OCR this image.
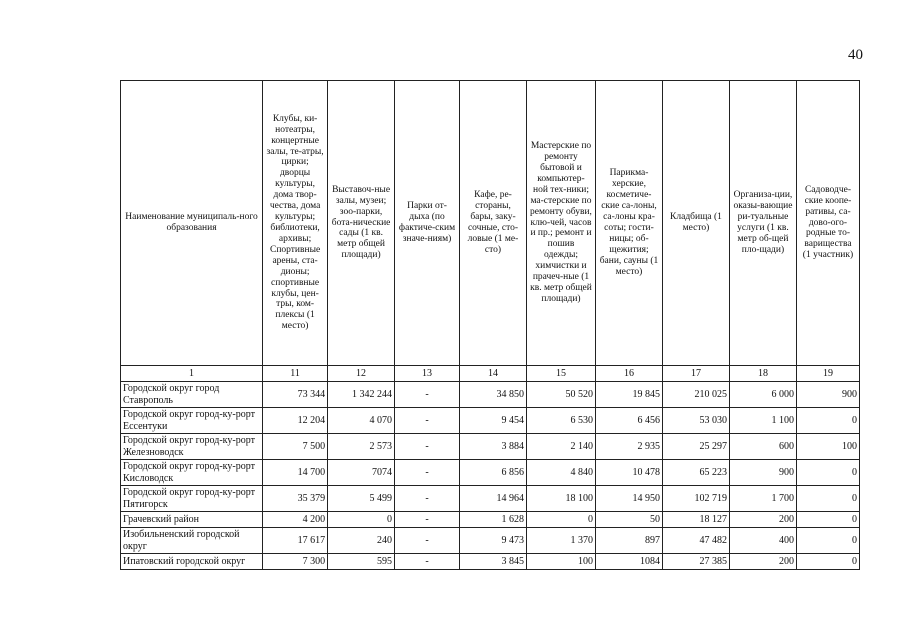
40
Наименование муниципаль-ного образования	Клубы, ки-нотеатры, концертные залы, те-атры, цирки; дворцы культуры, дома твор-чества, дома культуры; библиотеки, архивы; Спортивные арены, ста-дионы; спортивные клубы, цен-тры, ком-плексы (1 место)	Выставоч-ные залы, музеи; зоо-парки, бота-нические сады (1 кв. метр общей площади)	Парки от-дыха (по фактиче-ским значе-ниям)	Кафе, ре-стораны, бары, заку-сочные, сто-ловые (1 ме-сто)	Мастерские по ремонту бытовой и компьютер-ной тех-ники; ма-стерские по ремонту обуви, клю-чей, часов и пр.; ремонт и пошив одежды; химчистки и прачеч-ные (1 кв. метр общей площади)	Парикма-херские, косметиче-ские са-лоны, са-лоны кра-соты; гости-ницы; об-щежития; бани, сауны (1 место)	Кладбища (1 место)	Организа-ции, оказы-вающие ри-туальные услуги (1 кв. метр об-щей пло-щади)	Садоводче-ские коопе-ративы, са-дово-ого-родные то-варищества (1 участник)
1	11	12	13	14	15	16	17	18	19
Городской округ город Ставрополь	73 344	1 342 244	-	34 850	50 520	19 845	210 025	6 000	900
Городской округ город-ку-рорт Ессентуки	12 204	4 070	-	9 454	6 530	6 456	53 030	1 100	0
Городской округ город-ку-рорт Железноводск	7 500	2 573	-	3 884	2 140	2 935	25 297	600	100
Городской округ город-ку-рорт Кисловодск	14 700	7074	-	6 856	4 840	10 478	65 223	900	0
Городской округ город-ку-рорт Пятигорск	35 379	5 499	-	14 964	18 100	14 950	102 719	1 700	0
Грачевский район	4 200	0	-	1 628	0	50	18 127	200	0
Изобильненский городской округ	17 617	240	-	9 473	1 370	897	47 482	400	0
Ипатовский городской округ	7 300	595	-	3 845	100	1084	27 385	200	0
